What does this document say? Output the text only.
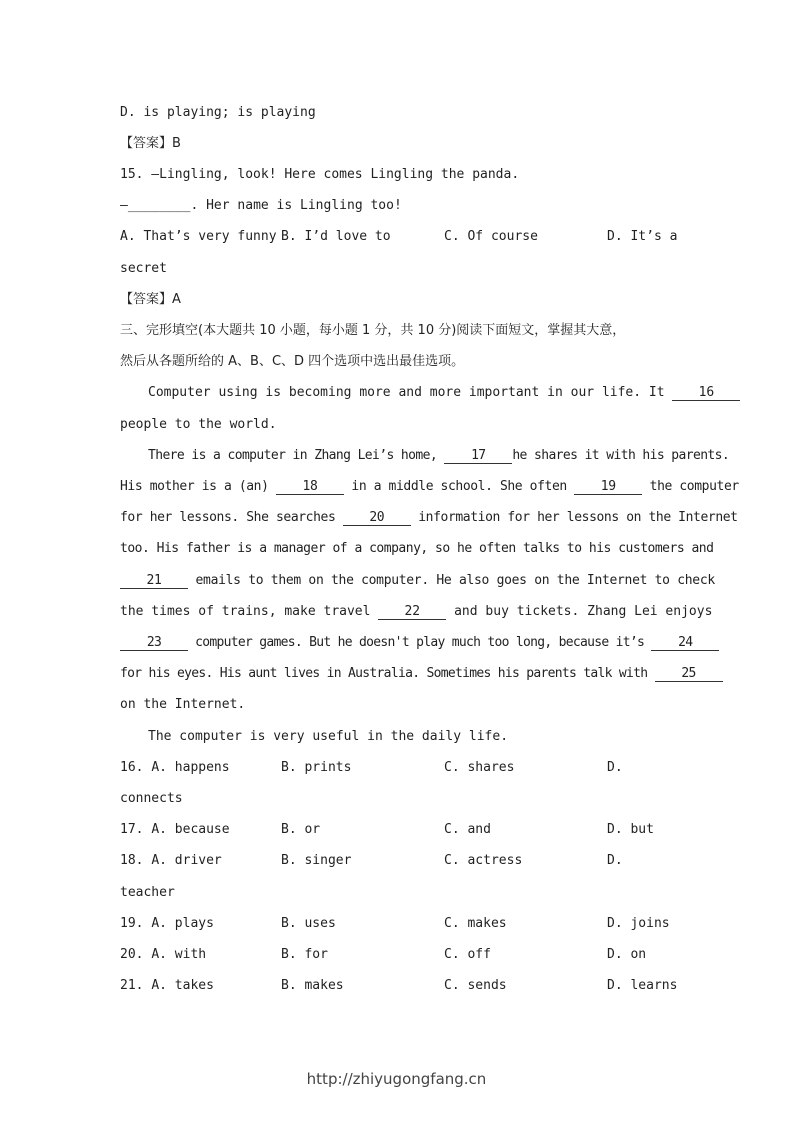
D. is playing; is playing
【答案】B
15. —Lingling, look! Here comes Lingling the panda.
—________. Her name is Lingling too!
A. That’s very funny B. I’d love to	C. Of course	D. It’s a
secret
【答案】A
三、完形填空(本大题共 10 小题，每小题 1 分，共 10 分)阅读下面短文，掌握其大意，
然后从各题所给的 A、B、C、D 四个选项中选出最佳选项。
Computer using is becoming more and more important in our life. It	16
people to the world.
There is a computer in Zhang Lei’s home,	17 he shares it with his parents.
His mother is a (an)	18	in a middle school. She often	19	the computer
for her lessons. She searches	20	information for her lessons on the Internet
too. His father is a manager of a company, so he often talks to his customers and
21	emails to them on the computer. He also goes on the Internet to check
the times of trains, make travel	22	and buy tickets. Zhang Lei enjoys
23	computer games. But he doesn't play much too long, because it’s	24
for his eyes. His aunt lives in Australia. Sometimes his parents talk with	25
on the Internet.
The computer is very useful in the daily life.
16. A. happens	B. prints	C. shares	D.
connects
17. A. because	B. or	C. and	D. but
18. A. driver	B. singer	C. actress	D.
teacher
19. A. plays	B. uses	C. makes	D. joins
20. A. with	B. for	C. off	D. on
21. A. takes	B. makes	C. sends	D. learns
http://zhiyugongfang.cn
